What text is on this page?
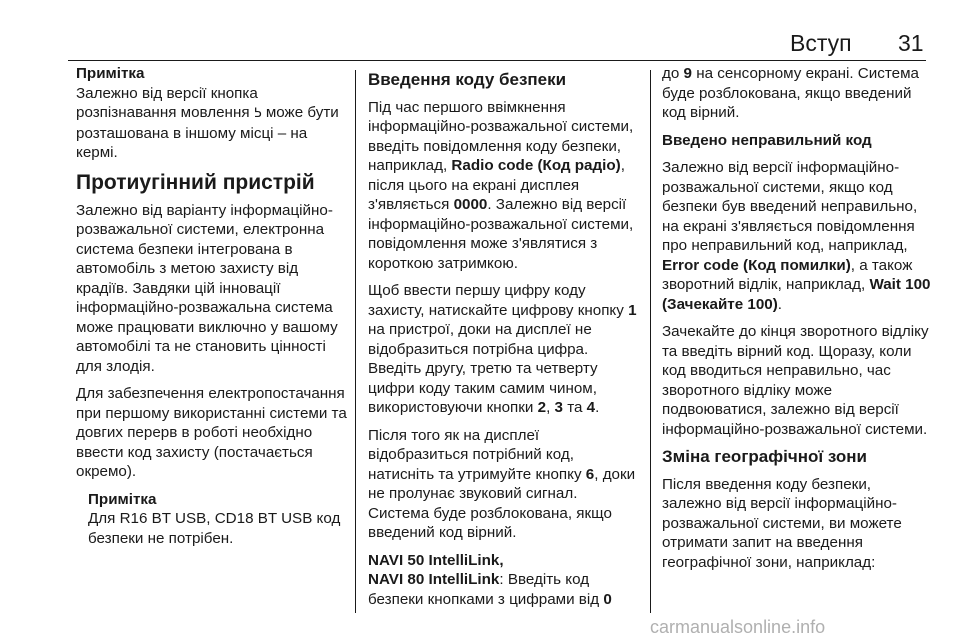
Вступ 31
Примітка

Залежно від версії кнопка розпізнавання мовлення ᕊ може бути розташована в іншому місці – на кермі.

Протиугінний пристрій

Залежно від варіанту інформаційно-розважальної системи, електронна система безпеки інтегрована в автомобіль з метою захисту від крадіїв. Завдяки цій інновації інформаційно-розважальна система може працювати виключно у вашому автомобілі та не становить цінності для злодія.

Для забезпечення електропостачання при першому використанні системи та довгих перерв в роботі необхідно ввести код захисту (постачається окремо).

Примітка

Для R16 BT USB, CD18 BT USB код безпеки не потрібен.

Введення коду безпеки

Під час першого ввімкнення інформаційно-розважальної системи, введіть повідомлення коду безпеки, наприклад, Radio code (Код радіо), після цього на екрані дисплея з'являється 0000. Залежно від версії інформаційно-розважальної системи, повідомлення може з'являтися з короткою затримкою.

Щоб ввести першу цифру коду захисту, натискайте цифрову кнопку 1 на пристрої, доки на дисплеї не відобразиться потрібна цифра. Введіть другу, третю та четверту цифри коду таким самим чином, використовуючи кнопки 2, 3 та 4.

Після того як на дисплеї відобразиться потрібний код, натисніть та утримуйте кнопку 6, доки не пролунає звуковий сигнал. Система буде розблокована, якщо введений код вірний.

NAVI 50 IntelliLink,
NAVI 80 IntelliLink: Введіть код безпеки кнопками з цифрами від 0

до 9 на сенсорному екрані. Система буде розблокована, якщо введений код вірний.

Введено неправильний код

Залежно від версії інформаційно-розважальної системи, якщо код безпеки був введений неправильно, на екрані з'являється повідомлення про неправильний код, наприклад, Error code (Код помилки), а також зворотний відлік, наприклад, Wait 100 (Зачекайте 100).

Зачекайте до кінця зворотного відліку та введіть вірний код. Щоразу, коли код вводиться неправильно, час зворотного відліку може подвоюватися, залежно від версії інформаційно-розважальної системи.

Зміна географічної зони

Після введення коду безпеки, залежно від версії інформаційно-розважальної системи, ви можете отримати запит на введення географічної зони, наприклад:

carmanualsonline.info
